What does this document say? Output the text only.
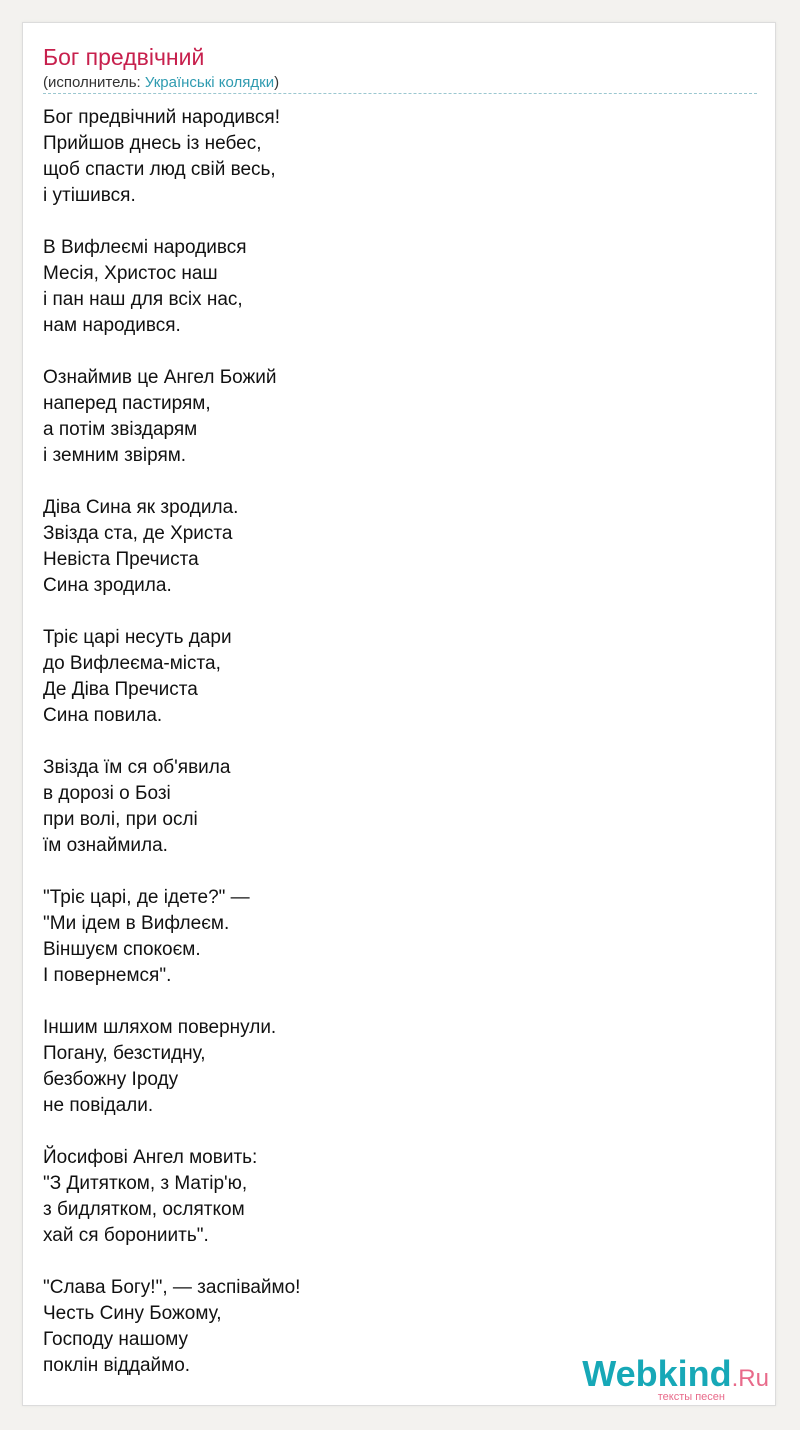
Бог предвічний
(исполнитель: Українські колядки)
Бог предвічний народився!
Прийшов днесь із небес,
щоб спасти люд свій весь,
і утішився.
В Вифлеємі народився
Месія, Христос наш
і пан наш для всіх нас,
нам народився.
Ознаймив це Ангел Божий
наперед пастирям,
а потім звіздарям
і земним звірям.
Діва Сина як зродила.
Звізда ста, де Христа
Невіста Пречиста
Сина зродила.
Тріє царі несуть дари
до Вифлеєма-міста,
Де Діва Пречиста
Сина повила.
Звізда їм ся об'явила
в дорозі о Бозі
при волі, при ослі
їм ознаймила.
"Тріє царі, де ідете?" —
"Ми ідем в Вифлеєм.
Віншуєм спокоєм.
І повернемся".
Іншим шляхом повернули.
Погану, безстидну,
безбожну Іроду
не повідали.
Йосифові Ангел мовить:
"З Дитятком, з Матір'ю,
з бидлятком, ослятком
хай ся борониить".
"Слава Богу!", — заспіваймо!
Честь Сину Божому,
Господу нашому
поклін віддаймо.	Webkind.Ru
тексты песен
